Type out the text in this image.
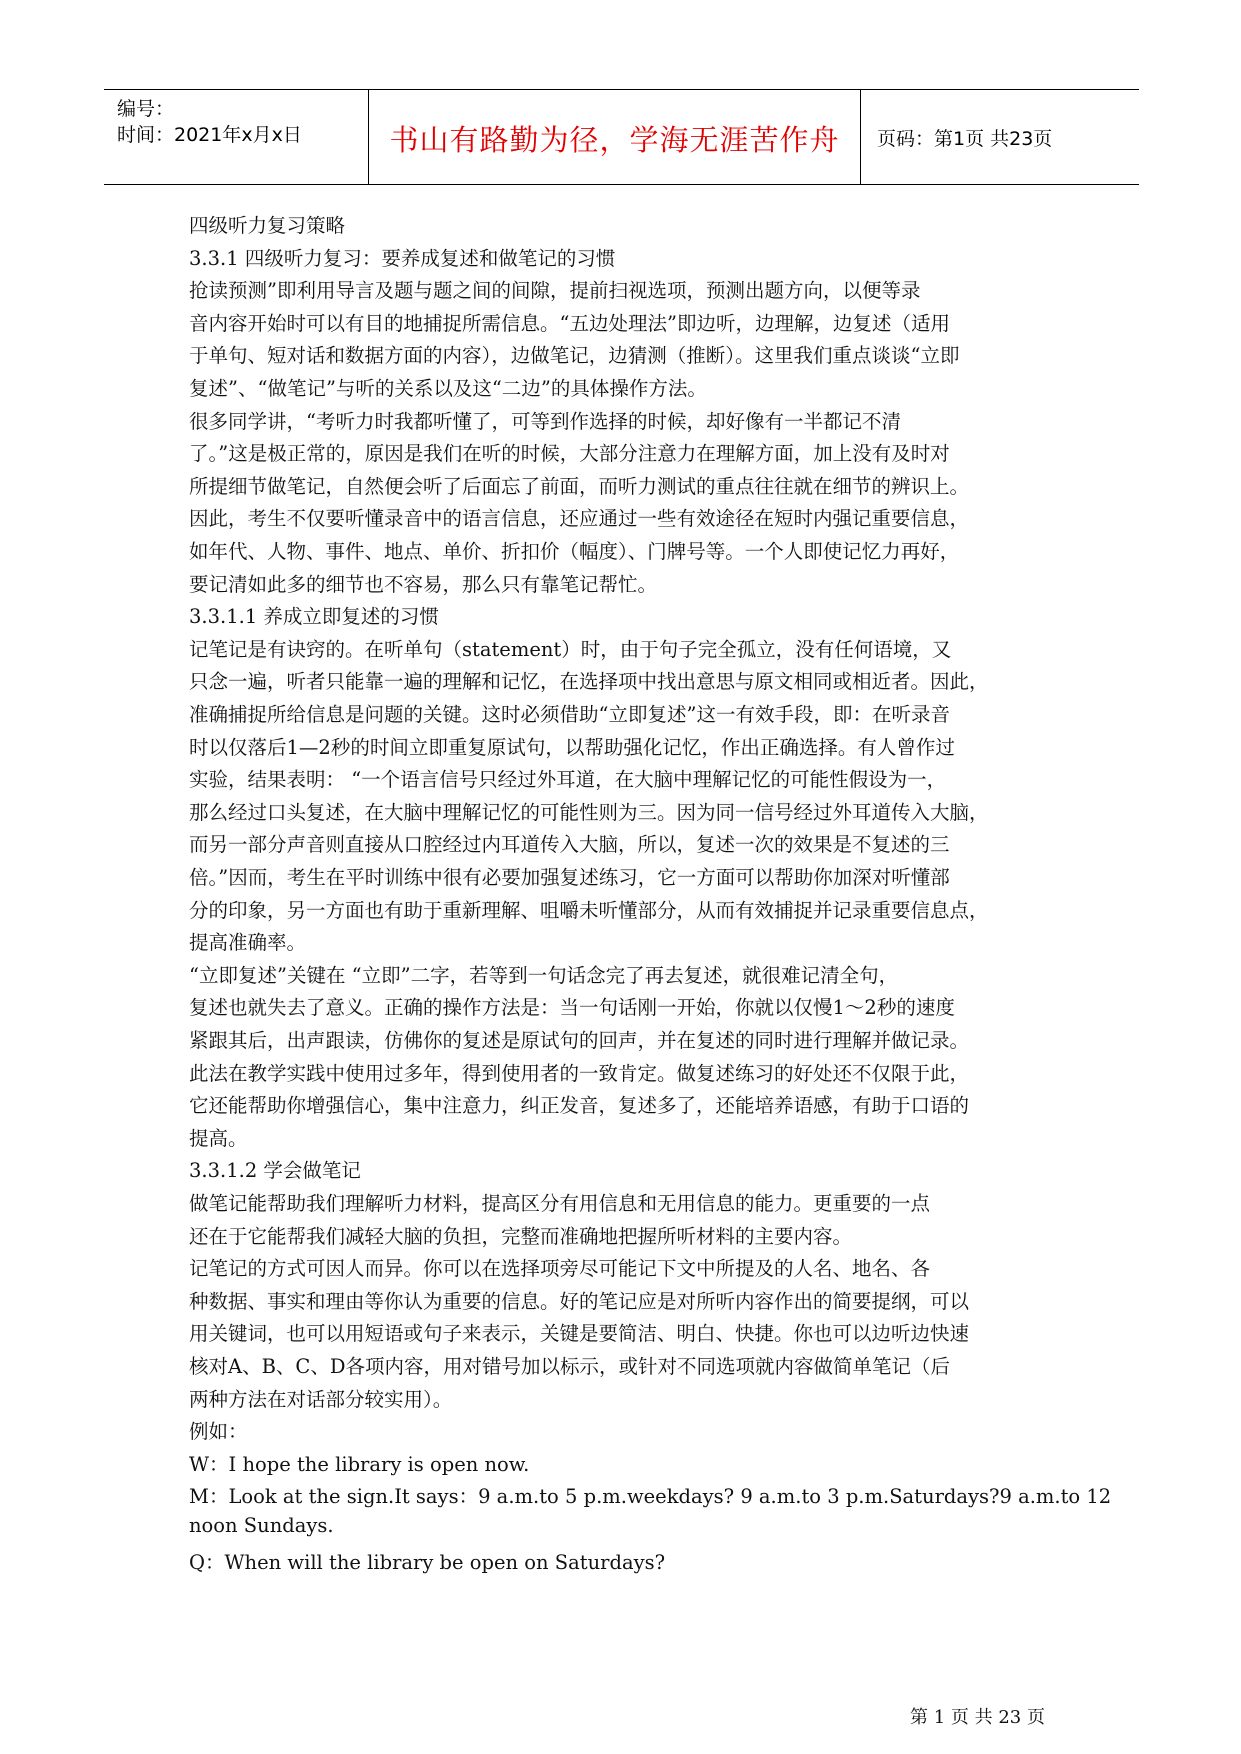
编号：
时间：2021年x月x日	书山有路勤为径，学海无涯苦作舟	页码：第1页 共23页
四级听力复习策略
3.3.1 四级听力复习：要养成复述和做笔记的习惯
抢读预测”即利用导言及题与题之间的间隙，提前扫视选项，预测出题方向，以便等录
音内容开始时可以有目的地捕捉所需信息。“五边处理法”即边听，边理解，边复述（适用
于单句、短对话和数据方面的内容），边做笔记，边猜测（推断）。这里我们重点谈谈“立即
复述”、“做笔记”与听的关系以及这“二边”的具体操作方法。
很多同学讲，“考听力时我都听懂了，可等到作选择的时候，却好像有一半都记不清
了。”这是极正常的，原因是我们在听的时候，大部分注意力在理解方面，加上没有及时对
所提细节做笔记，自然便会听了后面忘了前面，而听力测试的重点往往就在细节的辨识上。
因此，考生不仅要听懂录音中的语言信息，还应通过一些有效途径在短时内强记重要信息，
如年代、人物、事件、地点、单价、折扣价（幅度）、门牌号等。一个人即使记忆力再好，
要记清如此多的细节也不容易，那么只有靠笔记帮忙。
3.3.1.1 养成立即复述的习惯
记笔记是有诀窍的。在听单句（statement）时，由于句子完全孤立，没有任何语境，又
只念一遍，听者只能靠一遍的理解和记忆，在选择项中找出意思与原文相同或相近者。因此，
准确捕捉所给信息是问题的关键。这时必须借助“立即复述”这一有效手段，即：在听录音
时以仅落后1—2秒的时间立即重复原试句，以帮助强化记忆，作出正确选择。有人曾作过
实验，结果表明： “一个语言信号只经过外耳道，在大脑中理解记忆的可能性假设为一，
那么经过口头复述，在大脑中理解记忆的可能性则为三。因为同一信号经过外耳道传入大脑，
而另一部分声音则直接从口腔经过内耳道传入大脑，所以，复述一次的效果是不复述的三
倍。”因而，考生在平时训练中很有必要加强复述练习，它一方面可以帮助你加深对听懂部
分的印象，另一方面也有助于重新理解、咀嚼未听懂部分，从而有效捕捉并记录重要信息点，
提高准确率。
“立即复述”关键在 “立即”二字，若等到一句话念完了再去复述，就很难记清全句，
复述也就失去了意义。正确的操作方法是：当一句话刚一开始，你就以仅慢1～2秒的速度
紧跟其后，出声跟读，仿佛你的复述是原试句的回声，并在复述的同时进行理解并做记录。
此法在教学实践中使用过多年，得到使用者的一致肯定。做复述练习的好处还不仅限于此，
它还能帮助你增强信心，集中注意力，纠正发音，复述多了，还能培养语感，有助于口语的
提高。
3.3.1.2 学会做笔记
做笔记能帮助我们理解听力材料，提高区分有用信息和无用信息的能力。更重要的一点
还在于它能帮我们减轻大脑的负担，完整而准确地把握所听材料的主要内容。
记笔记的方式可因人而异。你可以在选择项旁尽可能记下文中所提及的人名、地名、各
种数据、事实和理由等你认为重要的信息。好的笔记应是对所听内容作出的简要提纲，可以
用关键词，也可以用短语或句子来表示，关键是要简洁、明白、快捷。你也可以边听边快速
核对A、B、C、D各项内容，用对错号加以标示，或针对不同选项就内容做简单笔记（后
两种方法在对话部分较实用）。
例如：
W：I hope the library is open now.
M：Look at the sign.It says：9 a.m.to 5 p.m.weekdays? 9 a.m.to 3 p.m.Saturdays?9 a.m.to 12
noon Sundays.
Q：When will the library be open on Saturdays?
第 1 页 共 23 页
